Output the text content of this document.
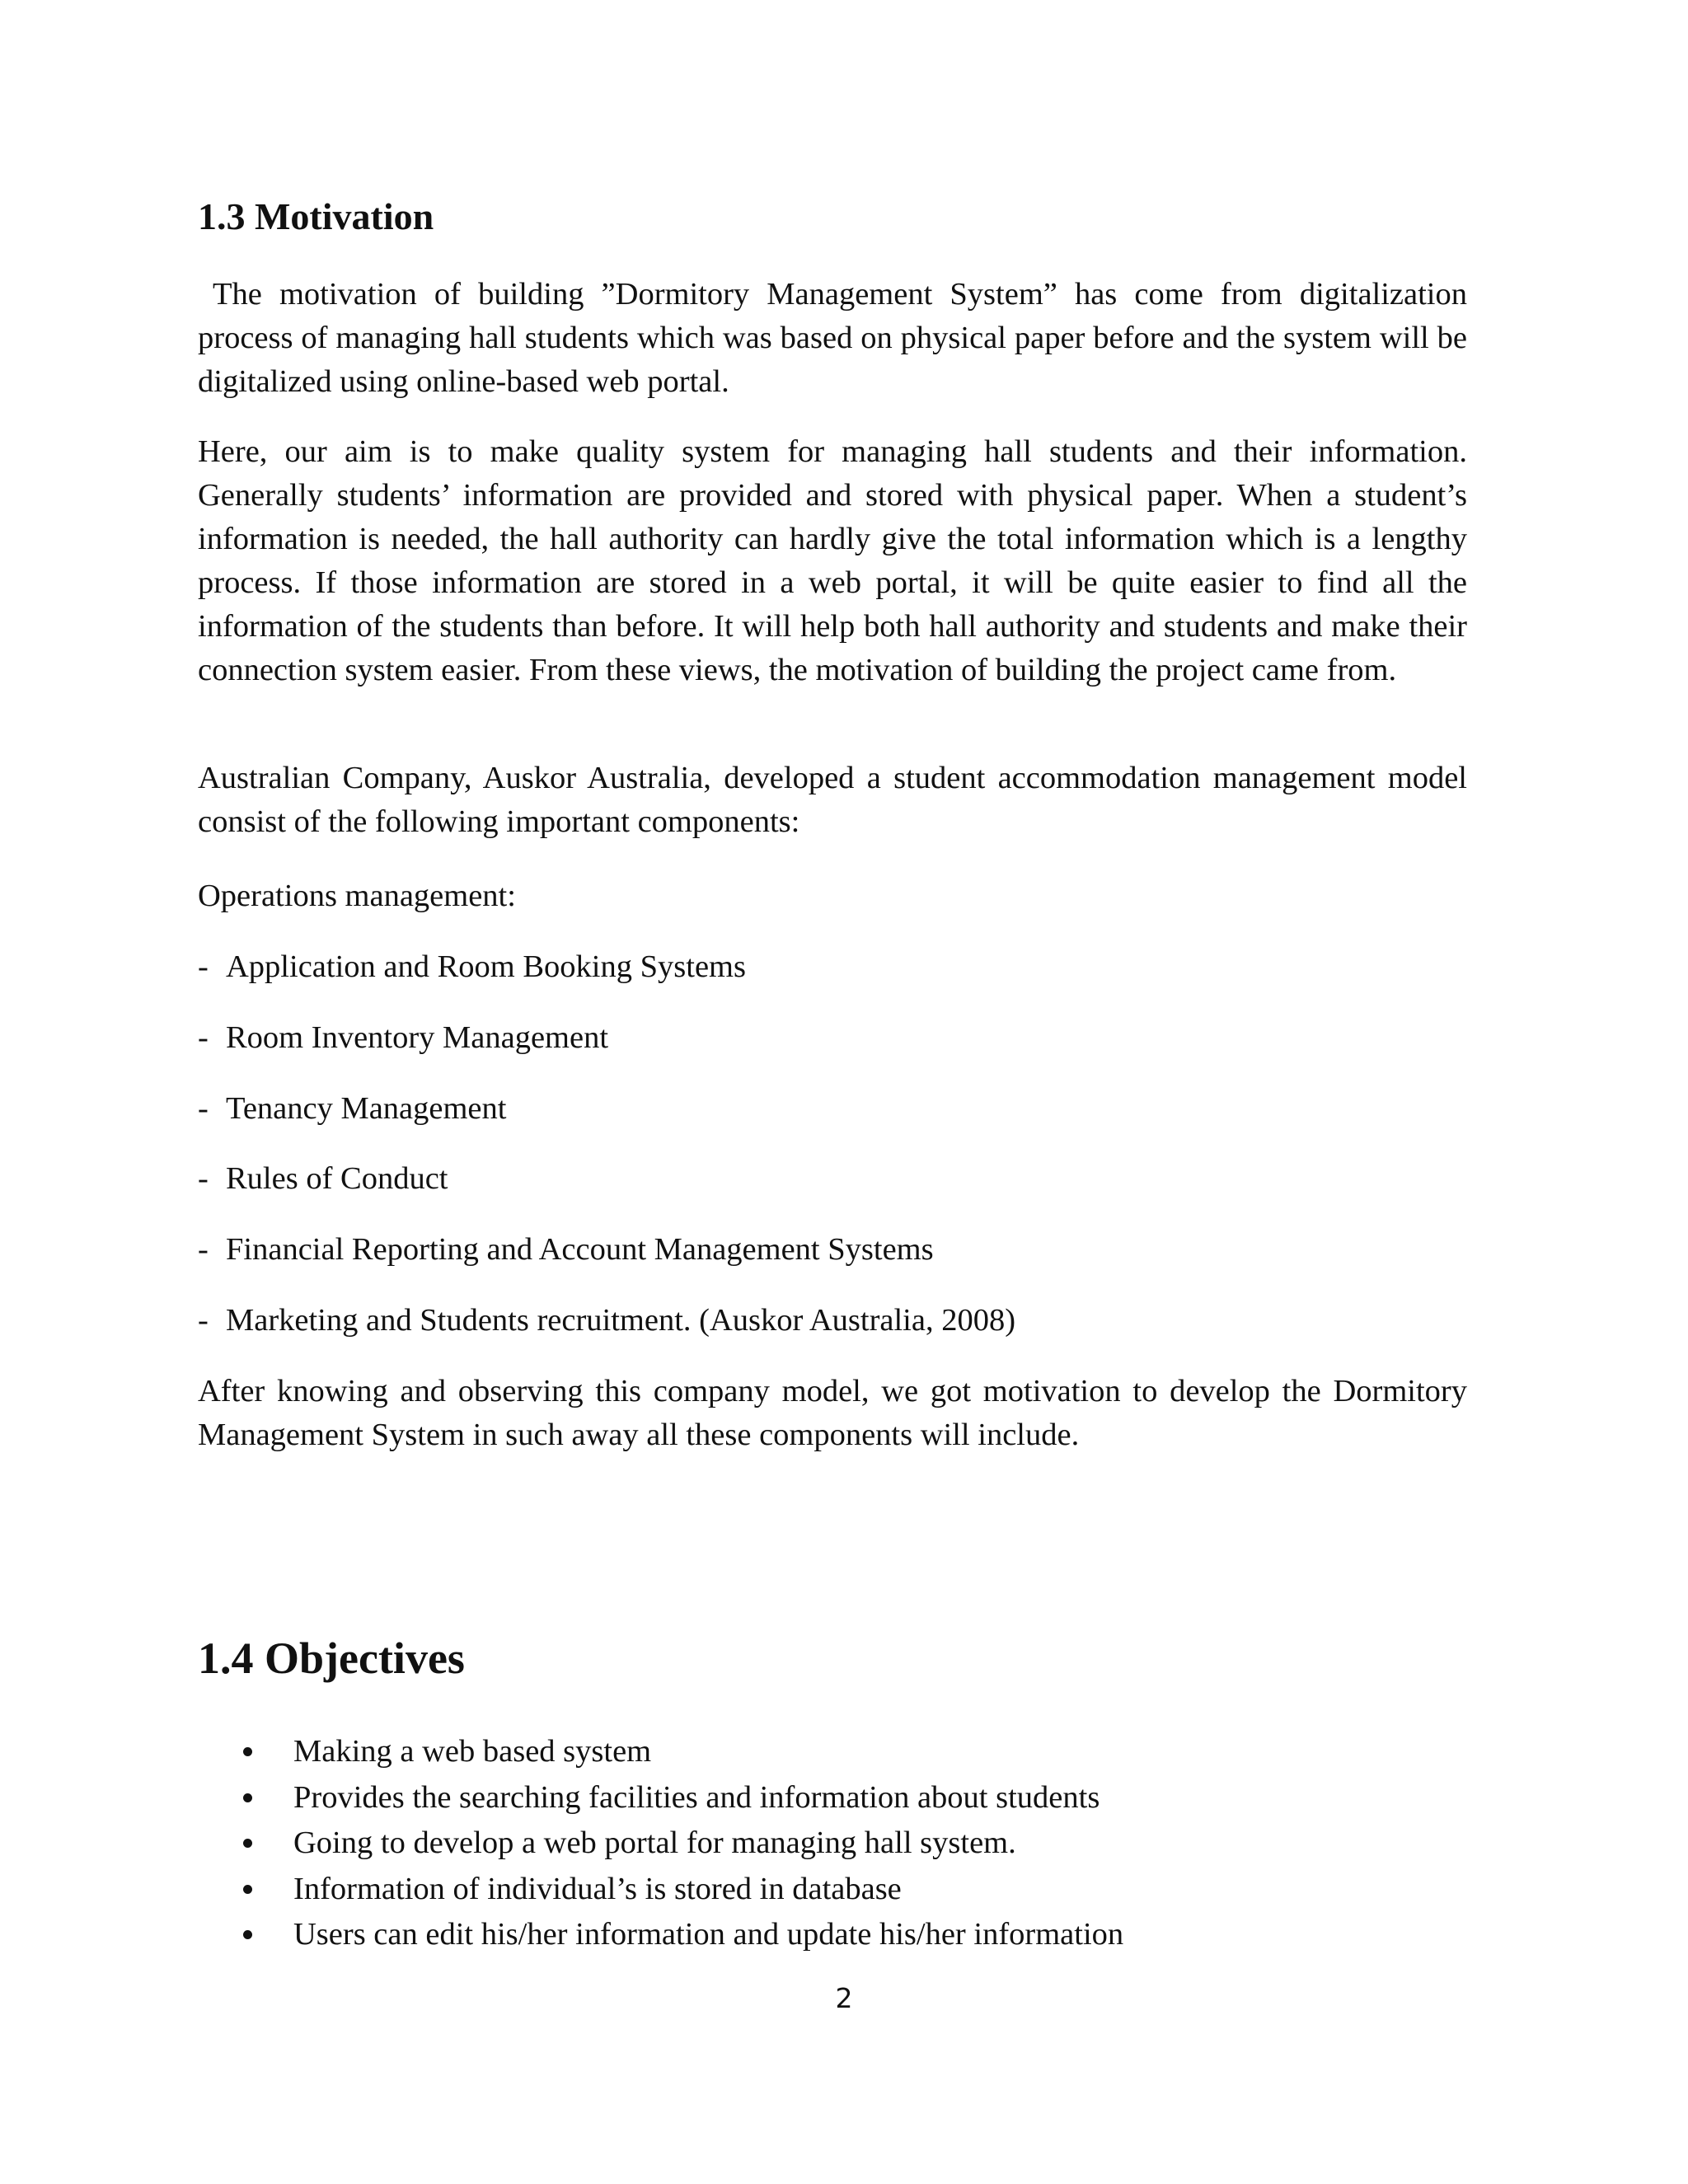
1.3 Motivation

The motivation of building ”Dormitory Management System” has come from digitalization process of managing hall students which was based on physical paper before and the system will be digitalized using online-based web portal.

Here, our aim is to make quality system for managing hall students and their information. Generally students’ information are provided and stored with physical paper. When a student’s information is needed, the hall authority can hardly give the total information which is a lengthy process. If those information are stored in a web portal, it will be quite easier to find all the information of the students than before. It will help both hall authority and students and make their connection system easier. From these views, the motivation of building the project came from.

Australian Company, Auskor Australia, developed a student accommodation management model consist of the following important components:

Operations management:

- Application and Room Booking Systems

- Room Inventory Management

- Tenancy Management

- Rules of Conduct

- Financial Reporting and Account Management Systems

- Marketing and Students recruitment. (Auskor Australia, 2008)

After knowing and observing this company model, we got motivation to develop the Dormitory Management System in such away all these components will include.

1.4 Objectives
Making a web based system
Provides the searching facilities and information about students
Going to develop a web portal for managing hall system.
Information of individual’s is stored in database
Users can edit his/her information and update his/her information
2
